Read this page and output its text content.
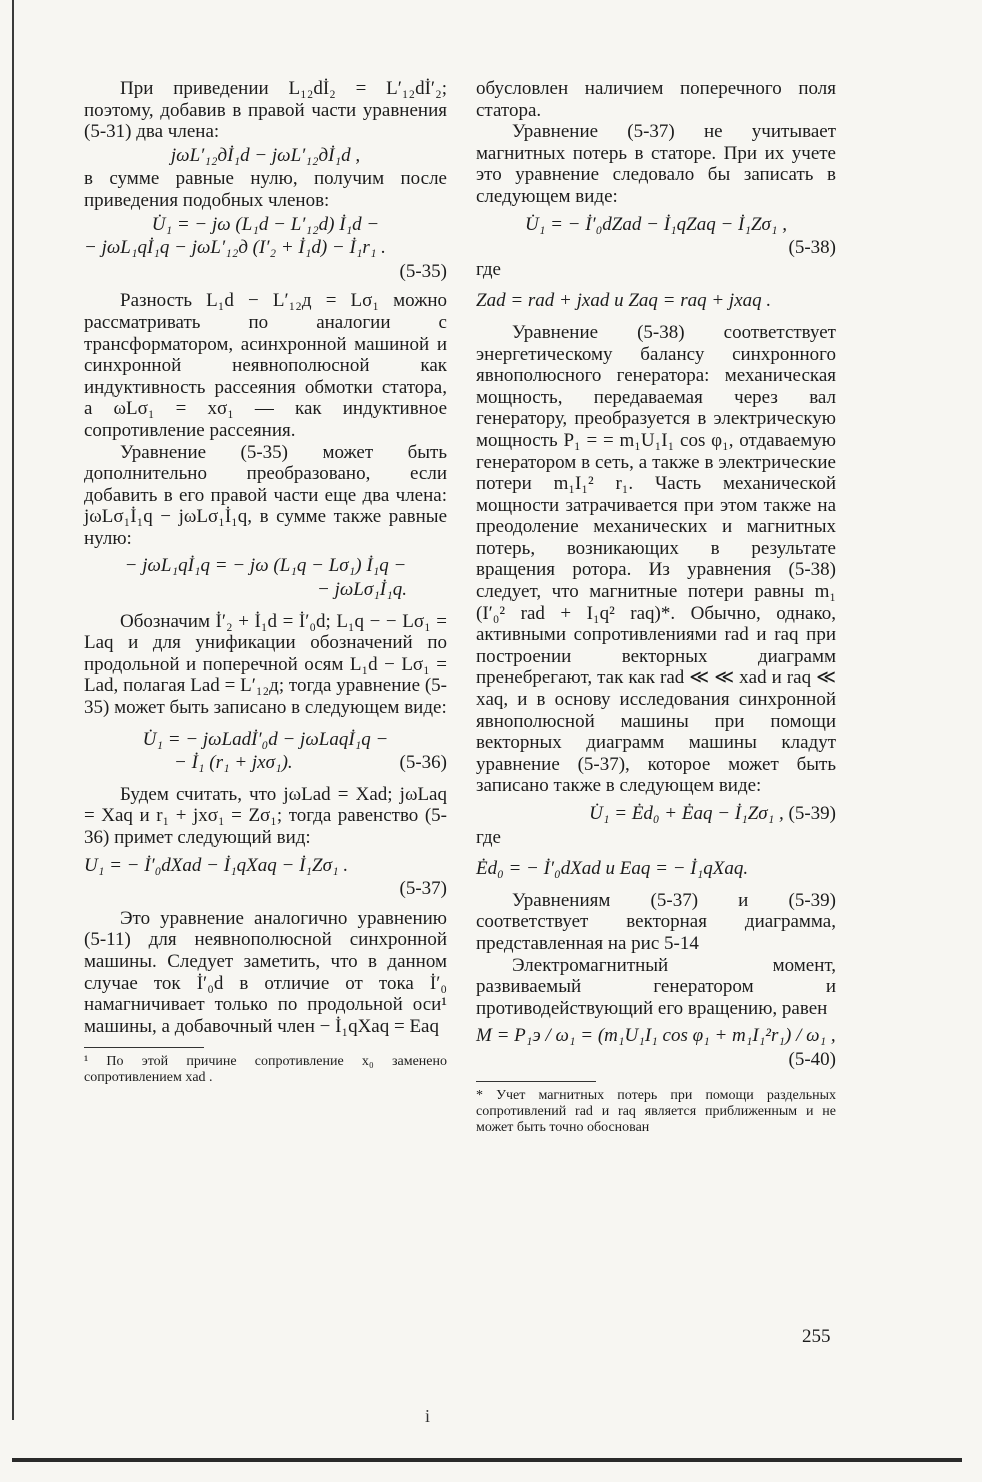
При приведении L₁₂dİ₂ = L′₁₂dİ′₂; поэтому, добавив в правой части уравнения (5-31) два члена:

jωL′₁₂дİ₁d − jωL′₁₂дİ₁d ,

в сумме равные нулю, получим после приведения подобных членов:

U̇₁ = − jω (L₁d − L′₁₂d) İ₁d −
− jωL₁qİ₁q − jωL′₁₂д (I′₂ + İ₁d) − İ₁r₁ .
(5-35)

Разность L₁d − L′₁₂д = Lσ₁ можно рассматривать по аналогии с трансформатором, асинхронной машиной и синхронной неявнополюсной как индуктивность рассеяния обмотки статора, а ωLσ₁ = xσ₁ — как индуктивное сопротивление рассеяния.

Уравнение (5-35) может быть дополнительно преобразовано, если добавить в его правой части еще два члена: jωLσ₁İ₁q − jωLσ₁İ₁q, в сумме также равные нулю:

− jωL₁qİ₁q = − jω (L₁q − Lσ₁) İ₁q −
− jωLσ₁İ₁q.

Обозначим İ′₂ + İ₁d = İ′₀d; L₁q − − Lσ₁ = Laq и для унификации обозначений по продольной и поперечной осям L₁d − Lσ₁ = Lad, полагая Lad = L′₁₂д; тогда уравнение (5-35) может быть записано в следующем виде:

U̇₁ = − jωLadİ′₀d − jωLaqİ₁q −
− İ₁ (r₁ + jxσ₁).	(5-36)

Будем считать, что jωLad = Xad; jωLaq = Xaq и r₁ + jxσ₁ = Zσ₁; тогда равенство (5-36) примет следующий вид:

U₁ = − İ′₀dXad − İ₁qXaq − İ₁Zσ₁ .
(5-37)

Это уравнение аналогично уравнению (5-11) для неявнополюсной синхронной машины. Следует заметить, что в данном случае ток İ′₀d в отличие от тока İ′₀ намагничивает только по продольной оси¹ машины, а добавочный член − İ₁qXaq = Eaq

¹ По этой причине сопротивление x₀ заменено сопротивлением xad .

обусловлен наличием поперечного поля статора.

Уравнение (5-37) не учитывает магнитных потерь в статоре. При их учете это уравнение следовало бы записать в следующем виде:

U̇₁ = − İ′₀dZad − İ₁qZaq − İ₁Zσ₁ ,
(5-38)

где

Zad = rad + jxad и Zaq = raq + jxaq .

Уравнение (5-38) соответствует энергетическому балансу синхронного явнополюсного генератора: механическая мощность, передаваемая через вал генератору, преобразуется в электрическую мощность P₁ = = m₁U₁I₁ cos φ₁, отдаваемую генератором в сеть, а также в электрические потери m₁I₁² r₁. Часть механической мощности затрачивается при этом также на преодоление механических и магнитных потерь, возникающих в результате вращения ротора. Из уравнения (5-38) следует, что магнитные потери равны m₁ (I′₀² rad + I₁q² raq)*. Обычно, однако, активными сопротивлениями rad и raq при построении векторных диаграмм пренебрегают, так как rad ≪ ≪ xad и raq ≪ xaq, и в основу исследования синхронной явнополюсной машины при помощи векторных диаграмм машины кладут уравнение (5-37), которое может быть записано также в следующем виде:

U̇₁ = Ėd₀ + Ėaq − İ₁Zσ₁ , (5-39)

где

Ėd₀ = − İ′₀dXad и Eaq = − İ₁qXaq.

Уравнениям (5-37) и (5-39) соответствует векторная диаграмма, представленная на рис 5-14

Электромагнитный момент, развиваемый генератором и противодействующий его вращению, равен

M = P₁э / ω₁ = (m₁U₁I₁ cos φ₁ + m₁I₁²r₁) / ω₁ ,
(5-40)

* Учет магнитных потерь при помощи раздельных сопротивлений rad и raq является приближенным и не может быть точно обоснован

255
i
